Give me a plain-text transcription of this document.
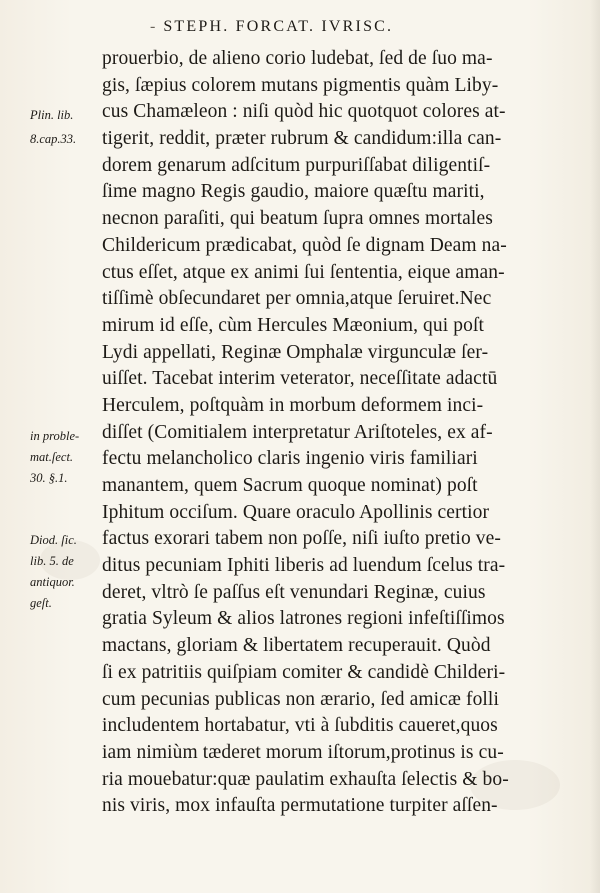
- STEPH. FORCAT. IVRISC.
Plin. lib.
8.cap.33.
in proble-
mat.ſect.
30. §.1.
Diod. ſic.
lib. 5. de
antiquor.
geſt.
prouerbio, de alieno corio ludebat, ſed de ſuo ma-
gis, ſæpius colorem mutans pigmentis quàm Liby-
cus Chamæleon : niſi quòd hic quotquot colores at-
tigerit, reddit, præter rubrum & candidum:illa can-
dorem genarum adſcitum purpuriſſabat diligentiſ-
ſime magno Regis gaudio, maiore quæſtu mariti,
necnon paraſiti, qui beatum ſupra omnes mortales
Childericum prædicabat, quòd ſe dignam Deam na-
ctus eſſet, atque ex animi ſui ſententia, eique aman-
tiſſimè obſecundaret per omnia,atque ſeruiret.Nec
mirum id eſſe, cùm Hercules Mæonium, qui poſt
Lydi appellati, Reginæ Omphalæ virgunculæ ſer-
uiſſet. Tacebat interim veterator, neceſſitate adactū
Herculem, poſtquàm in morbum deformem inci-
diſſet (Comitialem interpretatur Ariſtoteles, ex af-
fectu melancholico claris ingenio viris familiari
manantem, quem Sacrum quoque nominat) poſt
Iphitum occiſum. Quare oraculo Apollinis certior
factus exorari tabem non poſſe, niſi iuſto pretio ve-
ditus pecuniam Iphiti liberis ad luendum ſcelus tra-
deret, vltrò ſe paſſus eſt venundari Reginæ, cuius
gratia Syleum & alios latrones regioni infeſtiſſimos
mactans, gloriam & libertatem recuperauit. Quòd
ſi ex patritiis quiſpiam comiter & candidè Childeri-
cum pecunias publicas non ærario, ſed amicæ folli
includentem hortabatur, vti à ſubditis caueret,quos
iam nimiùm tæderet morum iſtorum,protinus is cu-
ria mouebatur:quæ paulatim exhauſta ſelectis & bo-
nis viris, mox infauſta permutatione turpiter aſſen-
